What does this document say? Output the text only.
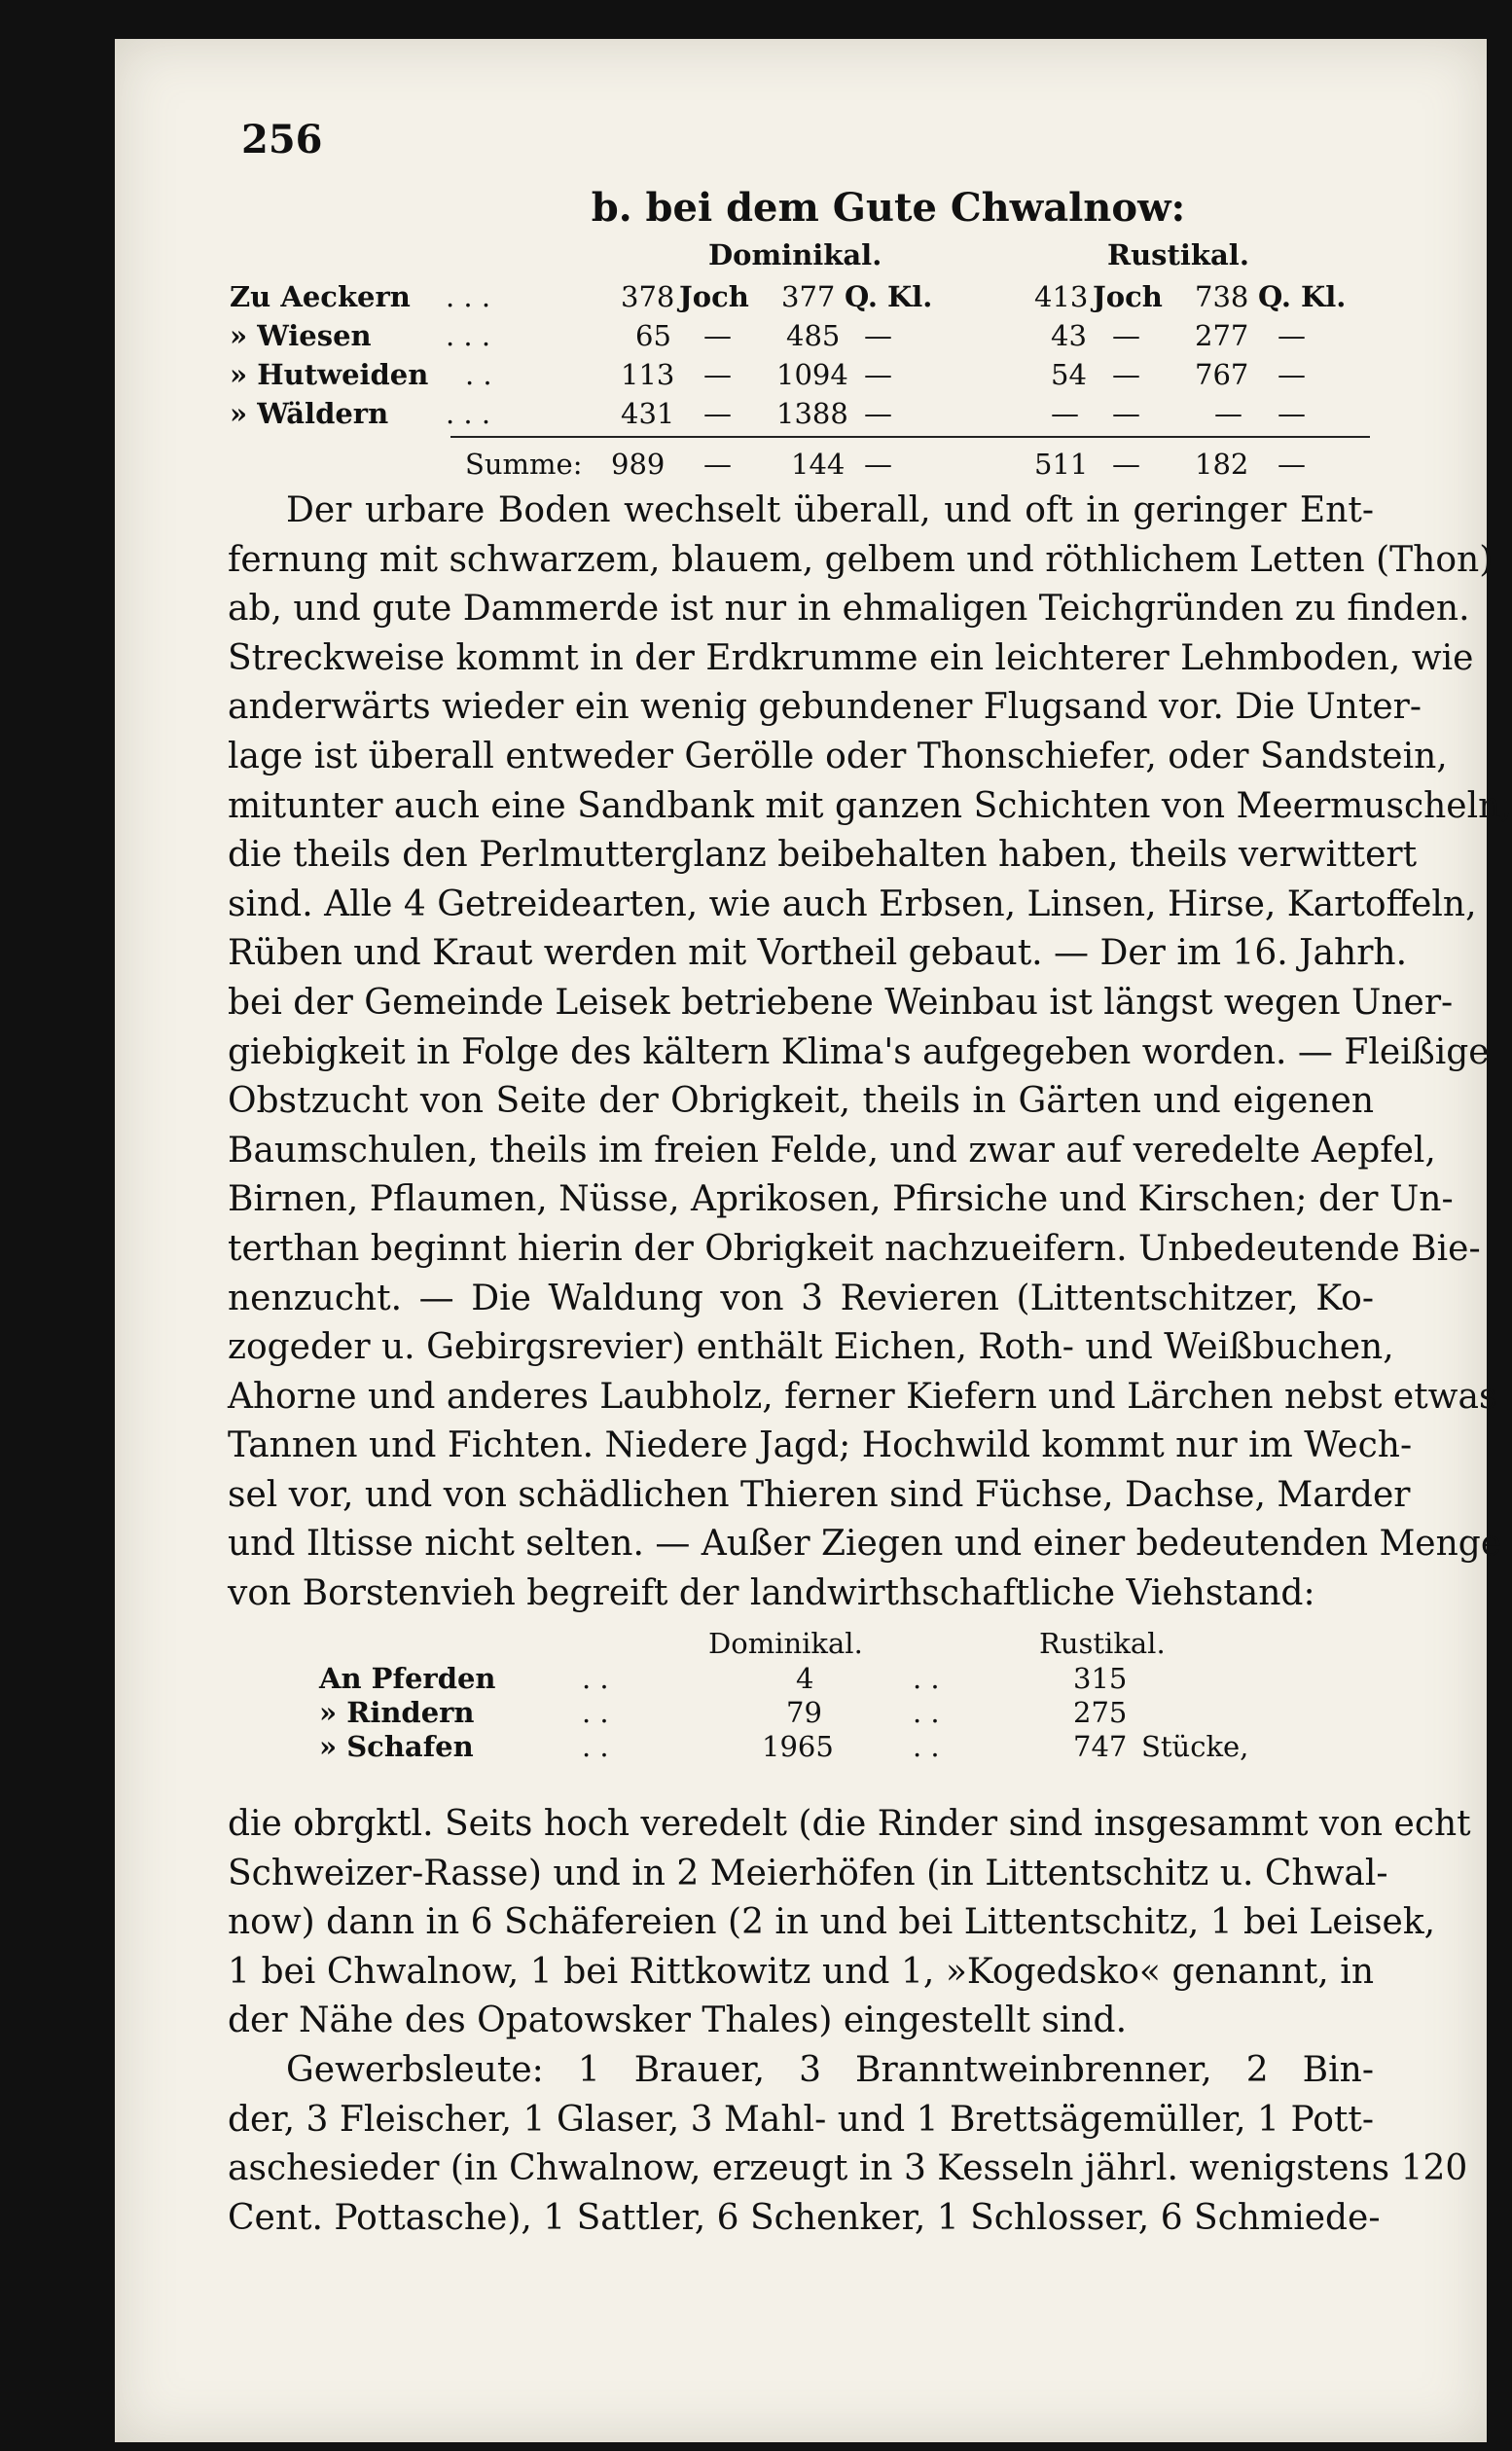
256
b. bei dem Gute Chwalnow:
Dominikal.	Rustikal.
Zu Aeckern . . .	378 Joch 377 Q. Kl.	413 Joch 738 Q. Kl.
» Wiesen	. . .	65 — 485 —	43 — 277 —
» Hutweiden . .	113 — 1094 —	54 — 767 —
» Wäldern . . .	431 — 1388 —	— —	— —
Summe: 989 — 144 —	511 — 182 —
Der urbare Boden wechselt überall, und oft in geringer Ent-
fernung mit schwarzem, blauem, gelbem und röthlichem Letten (Thon)
ab, und gute Dammerde ist nur in ehmaligen Teichgründen zu finden.
Streckweise kommt in der Erdkrumme ein leichterer Lehmboden, wie
anderwärts wieder ein wenig gebundener Flugsand vor. Die Unter-
lage ist überall entweder Gerölle oder Thonschiefer, oder Sandstein,
mitunter auch eine Sandbank mit ganzen Schichten von Meermuscheln,
die theils den Perlmutterglanz beibehalten haben, theils verwittert
sind. Alle 4 Getreidearten, wie auch Erbsen, Linsen, Hirse, Kartoffeln,
Rüben und Kraut werden mit Vortheil gebaut. — Der im 16. Jahrh.
bei der Gemeinde Leisek betriebene Weinbau ist längst wegen Uner-
giebigkeit in Folge des kältern Klima's aufgegeben worden. — Fleißige
Obstzucht von Seite der Obrigkeit, theils in Gärten und eigenen
Baumschulen, theils im freien Felde, und zwar auf veredelte Aepfel,
Birnen, Pflaumen, Nüsse, Aprikosen, Pfirsiche und Kirschen; der Un-
terthan beginnt hierin der Obrigkeit nachzueifern. Unbedeutende Bie-
nenzucht. — Die Waldung von 3 Revieren (Littentschitzer, Ko-
zogeder u. Gebirgsrevier) enthält Eichen, Roth- und Weißbuchen,
Ahorne und anderes Laubholz, ferner Kiefern und Lärchen nebst etwas
Tannen und Fichten. Niedere Jagd; Hochwild kommt nur im Wech-
sel vor, und von schädlichen Thieren sind Füchse, Dachse, Marder
und Iltisse nicht selten. — Außer Ziegen und einer bedeutenden Menge
von Borstenvieh begreift der landwirthschaftliche Viehstand:
Dominikal.	Rustikal.
An Pferden	. .	4	. .	315
» Rindern	. .	79	. .	275
» Schafen	. .	1965	. .	747 Stücke,
die obrgktl. Seits hoch veredelt (die Rinder sind insgesammt von echt
Schweizer-Rasse) und in 2 Meierhöfen (in Littentschitz u. Chwal-
now) dann in 6 Schäfereien (2 in und bei Littentschitz, 1 bei Leisek,
1 bei Chwalnow, 1 bei Rittkowitz und 1, »Kogedsko« genannt, in
der Nähe des Opatowsker Thales) eingestellt sind.
Gewerbsleute: 1 Brauer, 3 Branntweinbrenner, 2 Bin-
der, 3 Fleischer, 1 Glaser, 3 Mahl- und 1 Brettsägemüller, 1 Pott-
aschesieder (in Chwalnow, erzeugt in 3 Kesseln jährl. wenigstens 120
Cent. Pottasche), 1 Sattler, 6 Schenker, 1 Schlosser, 6 Schmiede-
